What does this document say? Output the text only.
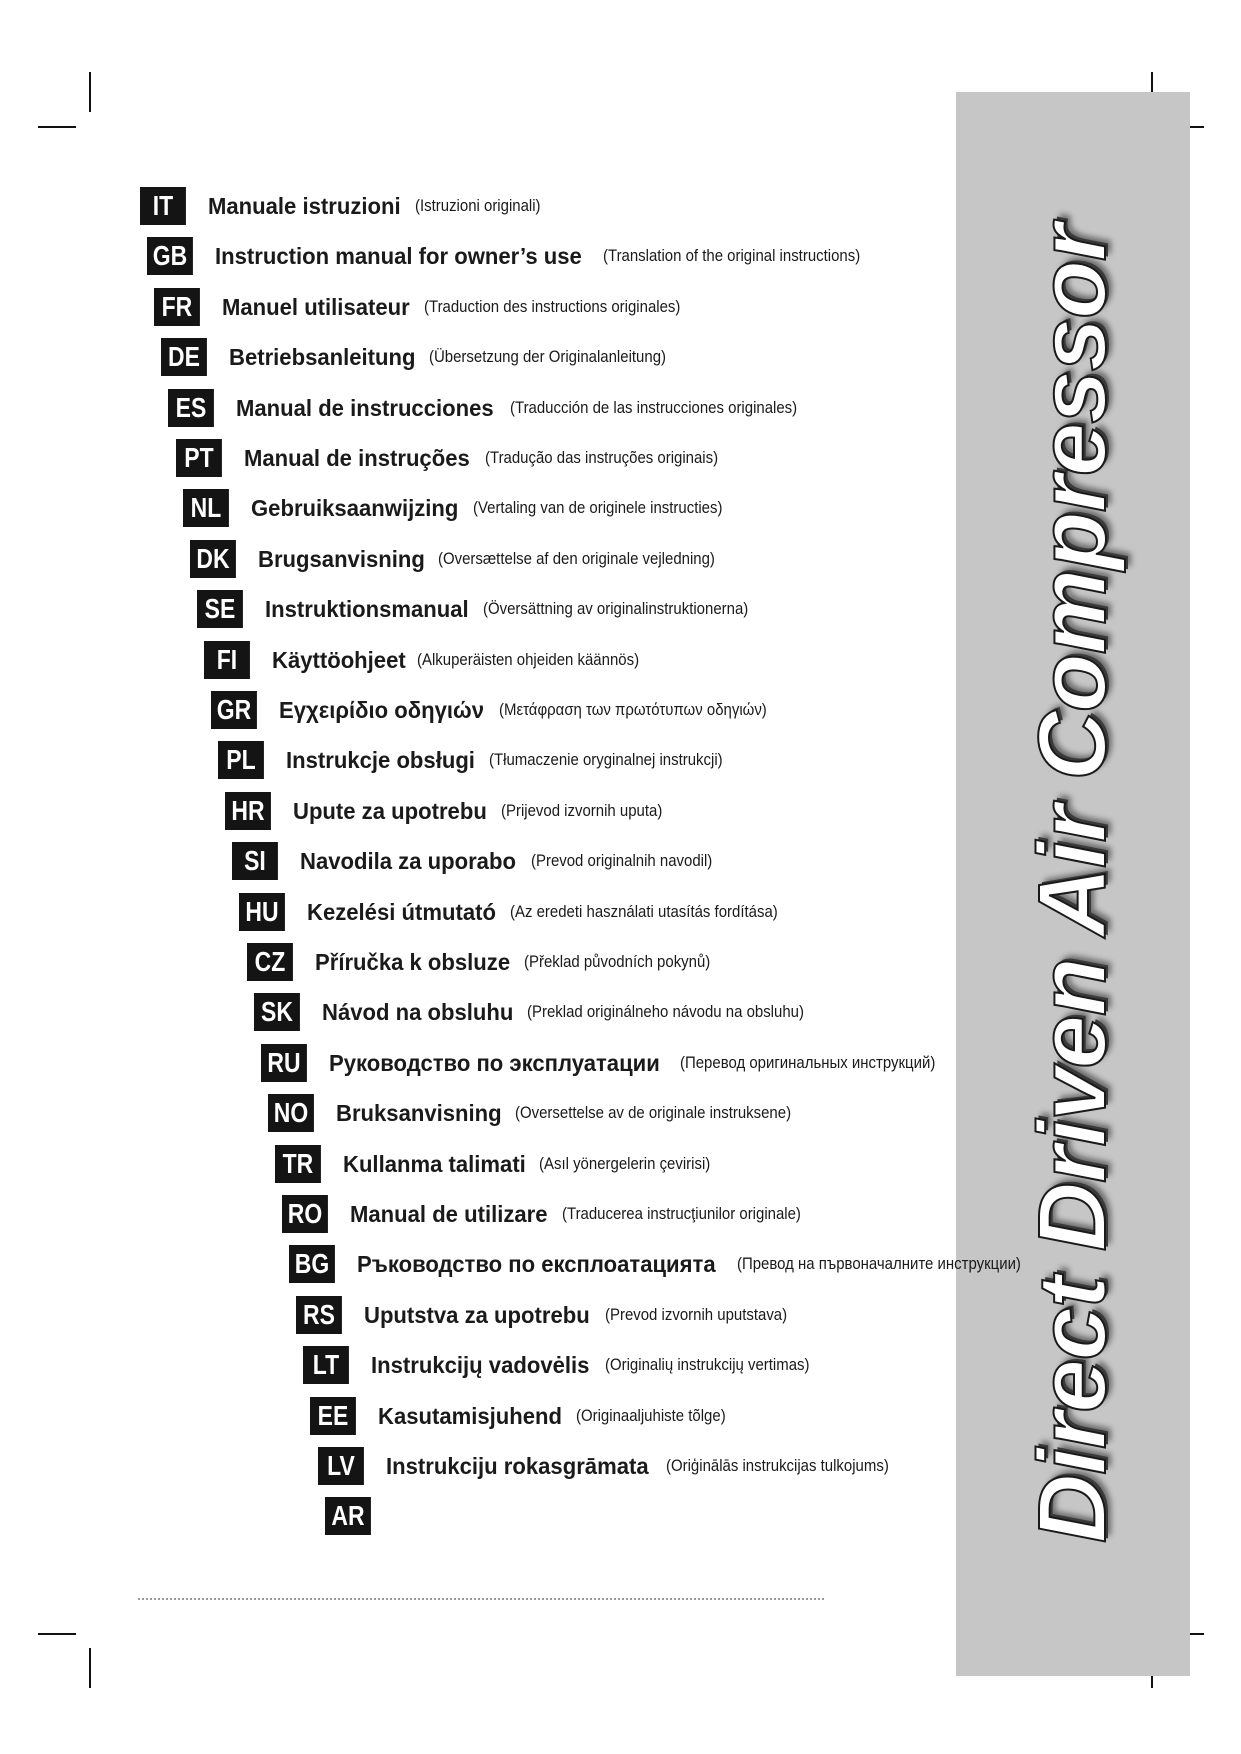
Direct Driven Air Compressor
IT	Manuale istruzioni (Istruzioni originali)
GB Instruction manual for owner’s use (Translation of the original instructions)
FR	Manuel utilisateur (Traduction des instructions originales)
DE	Betriebsanleitung (Übersetzung der Originalanleitung)
ES	Manual de instrucciones (Traducción de las instrucciones originales)
PT	Manual de instruções (Tradução das instruções originais)
NL	Gebruiksaanwijzing (Vertaling van de originele instructies)
DK Brugsanvisning (Oversættelse af den originale vejledning)
SE	Instruktionsmanual (Översättning av originalinstruktionerna)
FI	Käyttöohjeet (Alkuperäisten ohjeiden käännös)
GR Εγχειρίδιο οδηγιών (Μετάφραση των πρωτότυπων οδηγιών)
PL	Instrukcje obsługi (Tłumaczenie oryginalnej instrukcji)
HR Upute za upotrebu (Prijevod izvornih uputa)
SI	Navodila za uporabo (Prevod originalnih navodil)
HU Kezelési útmutató (Az eredeti használati utasítás fordítása)
CZ	Příručka k obsluze (Překlad původních pokynů)
SK	Návod na obsluhu (Preklad originálneho návodu na obsluhu)
RU Руководство по эксплуатации (Перевод оригинальных инструкций)
NO Bruksanvisning (Oversettelse av de originale instruksene)
TR	Kullanma talimati (Asıl yönergelerin çevirisi)
RO Manual de utilizare (Traducerea instrucţiunilor originale)
BG Ръководство по експлоатацията (Превод на първоначалните инструкции)
RS	Uputstva za upotrebu (Prevod izvornih uputstava)
LT	Instrukcijų vadovėlis (Originalių instrukcijų vertimas)
EE	Kasutamisjuhend (Originaaljuhiste tõlge)
LV	Instrukciju rokasgrāmata (Oriģinālās instrukcijas tulkojums)
AR
